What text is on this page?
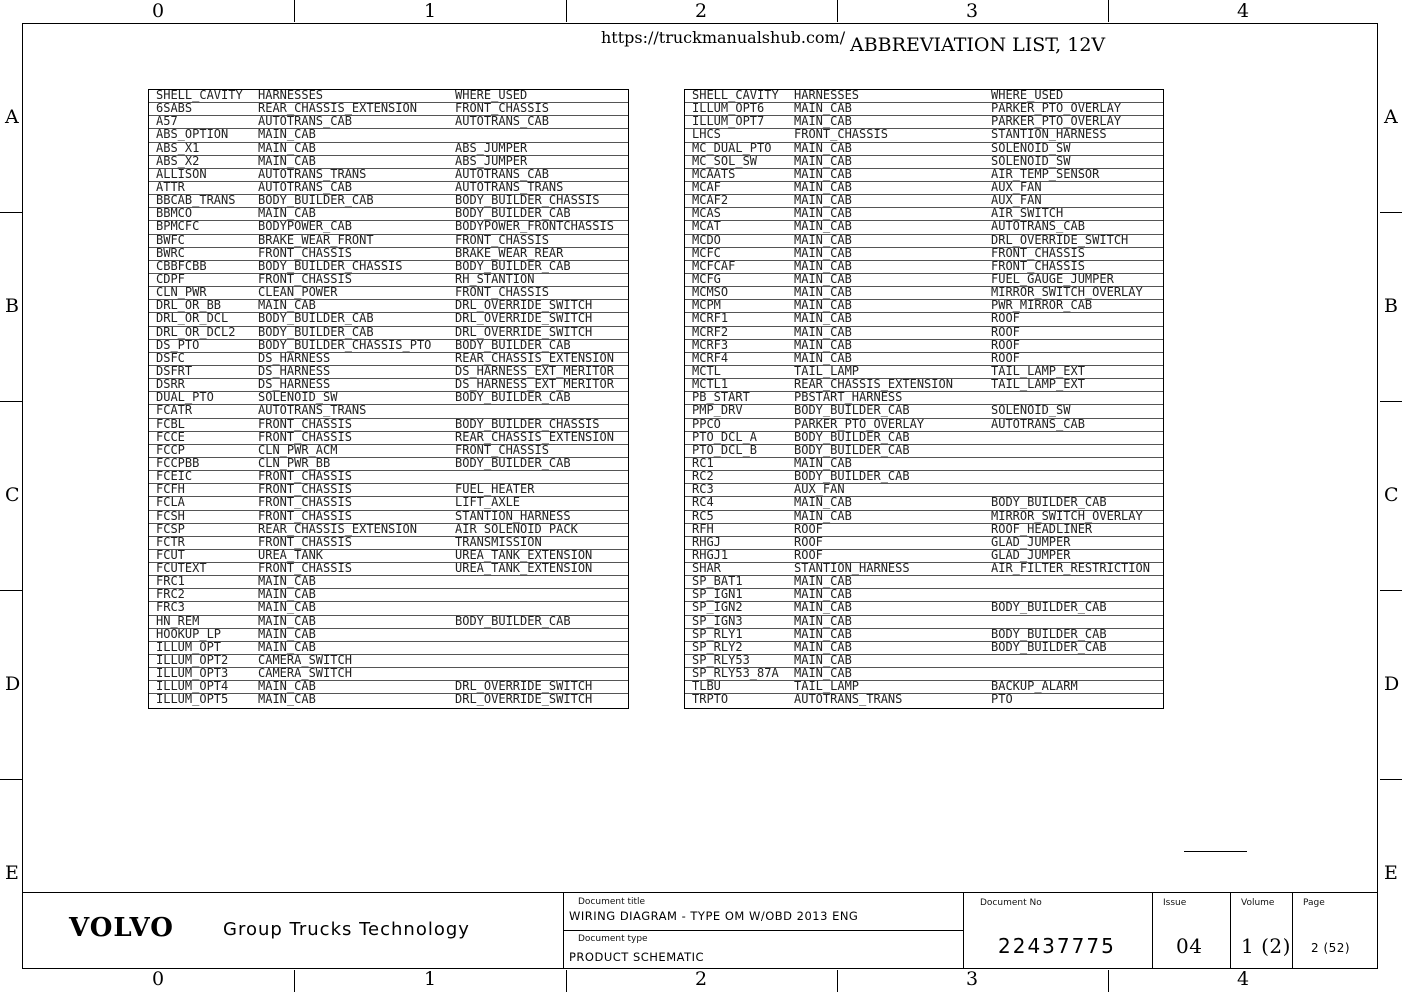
0
0
1
1
2
2
3
3
4
4
A	A
B	B
C	C
D	D
E	E
https://truckmanualshub.com/ ABBREVIATION LIST, 12V
SHELL_CAVITY HARNESSES	WHERE_USED
6SABS	REAR_CHASSIS_EXTENSION	FRONT_CHASSIS
A57	AUTOTRANS_CAB	AUTOTRANS_CAB
ABS_OPTION MAIN_CAB
ABS_X1	MAIN_CAB	ABS_JUMPER
ABS_X2	MAIN_CAB	ABS_JUMPER
ALLISON	AUTOTRANS_TRANS	AUTOTRANS_CAB
ATTR	AUTOTRANS_CAB	AUTOTRANS_TRANS
BBCAB_TRANS BODY_BUILDER_CAB	BODY_BUILDER_CHASSIS
BBMCO	MAIN_CAB	BODY_BUILDER_CAB
BPMCFC	BODYPOWER_CAB	BODYPOWER_FRONTCHASSIS
BWFC	BRAKE_WEAR_FRONT	FRONT_CHASSIS
BWRC	FRONT_CHASSIS	BRAKE_WEAR_REAR
CBBFCBB	BODY_BUILDER_CHASSIS	BODY_BUILDER_CAB
CDPF	FRONT_CHASSIS	RH_STANTION
CLN_PWR	CLEAN_POWER	FRONT_CHASSIS
DRL_OR_BB	MAIN_CAB	DRL_OVERRIDE_SWITCH
DRL_OR_DCL BODY_BUILDER_CAB	DRL_OVERRIDE_SWITCH
DRL_OR_DCL2 BODY_BUILDER_CAB	DRL_OVERRIDE_SWITCH
DS_PTO	BODY_BUILDER_CHASSIS_PTO BODY_BUILDER_CAB
DSFC	DS_HARNESS	REAR_CHASSIS_EXTENSION
DSFRT	DS_HARNESS	DS_HARNESS_EXT_MERITOR
DSRR	DS_HARNESS	DS_HARNESS_EXT_MERITOR
DUAL_PTO	SOLENOID_SW	BODY_BUILDER_CAB
FCATR	AUTOTRANS_TRANS
FCBL	FRONT_CHASSIS	BODY_BUILDER_CHASSIS
FCCE	FRONT_CHASSIS	REAR_CHASSIS_EXTENSION
FCCP	CLN_PWR_ACM	FRONT_CHASSIS
FCCPBB	CLN_PWR_BB	BODY_BUILDER_CAB
FCEIC	FRONT_CHASSIS
FCFH	FRONT_CHASSIS	FUEL_HEATER
FCLA	FRONT_CHASSIS	LIFT_AXLE
FCSH	FRONT_CHASSIS	STANTION_HARNESS
FCSP	REAR_CHASSIS_EXTENSION	AIR SOLENOID PACK
FCTR	FRONT_CHASSIS	TRANSMISSION
FCUT	UREA_TANK	UREA_TANK_EXTENSION
FCUTEXT	FRONT_CHASSIS	UREA_TANK_EXTENSION
FRC1	MAIN_CAB
FRC2	MAIN_CAB
FRC3	MAIN_CAB
HN_REM	MAIN_CAB	BODY_BUILDER_CAB
HOOKUP_LP	MAIN_CAB
ILLUM_OPT	MAIN_CAB
ILLUM_OPT2 CAMERA_SWITCH
ILLUM_OPT3 CAMERA_SWITCH
ILLUM_OPT4 MAIN_CAB	DRL_OVERRIDE_SWITCH
ILLUM_OPT5 MAIN_CAB	DRL_OVERRIDE_SWITCH
SHELL_CAVITY HARNESSES	WHERE_USED
ILLUM_OPT6 MAIN_CAB	PARKER_PTO_OVERLAY
ILLUM_OPT7 MAIN_CAB	PARKER_PTO_OVERLAY
LHCS	FRONT_CHASSIS	STANTION_HARNESS
MC_DUAL_PTO MAIN_CAB	SOLENOID_SW
MC_SOL_SW	MAIN_CAB	SOLENOID_SW
MCAATS	MAIN_CAB	AIR_TEMP_SENSOR
MCAF	MAIN_CAB	AUX_FAN
MCAF2	MAIN_CAB	AUX_FAN
MCAS	MAIN_CAB	AIR_SWITCH
MCAT	MAIN_CAB	AUTOTRANS_CAB
MCDO	MAIN_CAB	DRL_OVERRIDE_SWITCH
MCFC	MAIN_CAB	FRONT_CHASSIS
MCFCAF	MAIN_CAB	FRONT_CHASSIS
MCFG	MAIN_CAB	FUEL_GAUGE_JUMPER
MCMSO	MAIN_CAB	MIRROR_SWITCH_OVERLAY
MCPM	MAIN_CAB	PWR_MIRROR_CAB
MCRF1	MAIN_CAB	ROOF
MCRF2	MAIN_CAB	ROOF
MCRF3	MAIN_CAB	ROOF
MCRF4	MAIN_CAB	ROOF
MCTL	TAIL_LAMP	TAIL_LAMP_EXT
MCTL1	REAR_CHASSIS_EXTENSION	TAIL_LAMP_EXT
PB_START	PBSTART_HARNESS
PMP_DRV	BODY_BUILDER_CAB	SOLENOID_SW
PPCO	PARKER_PTO_OVERLAY	AUTOTRANS_CAB
PTO_DCL_A	BODY_BUILDER_CAB
PTO_DCL_B	BODY_BUILDER_CAB
RC1	MAIN_CAB
RC2	BODY_BUILDER_CAB
RC3	AUX_FAN
RC4	MAIN_CAB	BODY_BUILDER_CAB
RC5	MAIN_CAB	MIRROR_SWITCH_OVERLAY
RFH	ROOF	ROOF_HEADLINER
RHGJ	ROOF	GLAD_JUMPER
RHGJ1	ROOF	GLAD_JUMPER
SHAR	STANTION_HARNESS	AIR_FILTER_RESTRICTION
SP_BAT1	MAIN_CAB
SP_IGN1	MAIN_CAB
SP_IGN2	MAIN_CAB	BODY_BUILDER_CAB
SP_IGN3	MAIN_CAB
SP_RLY1	MAIN_CAB	BODY_BUILDER_CAB
SP_RLY2	MAIN_CAB	BODY_BUILDER_CAB
SP_RLY53	MAIN_CAB
SP_RLY53_87A MAIN_CAB
TLBU	TAIL_LAMP	BACKUP_ALARM
TRPTO	AUTOTRANS_TRANS	PTO
VOLVO	Group Trucks Technology
Document title
WIRING DIAGRAM - TYPE OM W/OBD 2013 ENG
Document type
PRODUCT SCHEMATIC
Document No
22437775
Issue
04
Volume
1 (2)
Page
2 (52)
